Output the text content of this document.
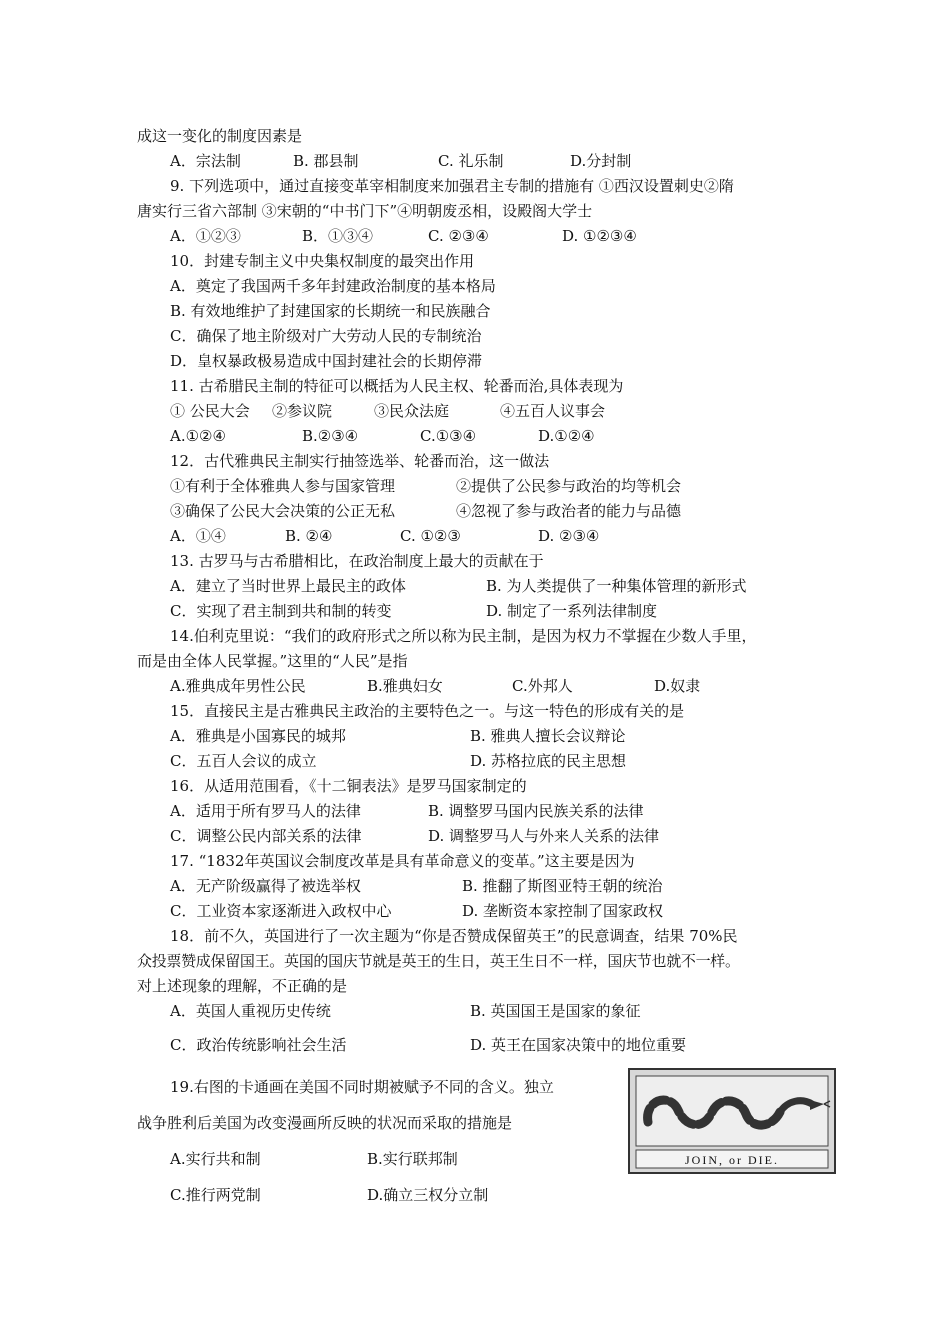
成这一变化的制度因素是
A．宗法制	B. 郡县制	C. 礼乐制	D.分封制
9. 下列选项中，通过直接变革宰相制度来加强君主专制的措施有 ①西汉设置刺史②隋
唐实行三省六部制 ③宋朝的“中书门下”④明朝废丞相，设殿阁大学士
A．①②③	B．①③④	C. ②③④	D. ①②③④
10．封建专制主义中央集权制度的最突出作用
A．奠定了我国两千多年封建政治制度的基本格局
B. 有效地维护了封建国家的长期统一和民族融合
C．确保了地主阶级对广大劳动人民的专制统治
D．皇权暴政极易造成中国封建社会的长期停滞
11. 古希腊民主制的特征可以概括为人民主权、轮番而治,具体表现为
① 公民大会 ②参议院	③民众法庭	④五百人议事会
A.①②④	B.②③④	C.①③④	D.①②④
12．古代雅典民主制实行抽签选举、轮番而治，这一做法
①有利于全体雅典人参与国家管理	②提供了公民参与政治的均等机会
③确保了公民大会决策的公正无私	④忽视了参与政治者的能力与品德
A．①④	B. ②④	C. ①②③	D. ②③④
13. 古罗马与古希腊相比，在政治制度上最大的贡献在于
A．建立了当时世界上最民主的政体	B. 为人类提供了一种集体管理的新形式
C．实现了君主制到共和制的转变	D. 制定了一系列法律制度
14.伯利克里说：“我们的政府形式之所以称为民主制，是因为权力不掌握在少数人手里，
而是由全体人民掌握。”这里的“人民”是指
A.雅典成年男性公民	B.雅典妇女	C.外邦人	D.奴隶
15．直接民主是古雅典民主政治的主要特色之一。与这一特色的形成有关的是
A．雅典是小国寡民的城邦	B. 雅典人擅长会议辩论
C．五百人会议的成立	D. 苏格拉底的民主思想
16．从适用范围看，《十二铜表法》是罗马国家制定的
A．适用于所有罗马人的法律	B. 调整罗马国内民族关系的法律
C．调整公民内部关系的法律	D. 调整罗马人与外来人关系的法律
17. “1832年英国议会制度改革是具有革命意义的变革。”这主要是因为
A．无产阶级赢得了被选举权	B. 推翻了斯图亚特王朝的统治
C．工业资本家逐渐进入政权中心	D. 垄断资本家控制了国家政权
18．前不久，英国进行了一次主题为“你是否赞成保留英王”的民意调查，结果 70%民
众投票赞成保留国王。英国的国庆节就是英王的生日，英王生日不一样，国庆节也就不一样。
对上述现象的理解，不正确的是
A．英国人重视历史传统	B. 英国国王是国家的象征
C．政治传统影响社会生活	D. 英王在国家决策中的地位重要
19.右图的卡通画在美国不同时期被赋予不同的含义。独立
战争胜利后美国为改变漫画所反映的状况而采取的措施是
A.实行共和制	B.实行联邦制
C.推行两党制	D.确立三权分立制
JOIN, or DIE.
